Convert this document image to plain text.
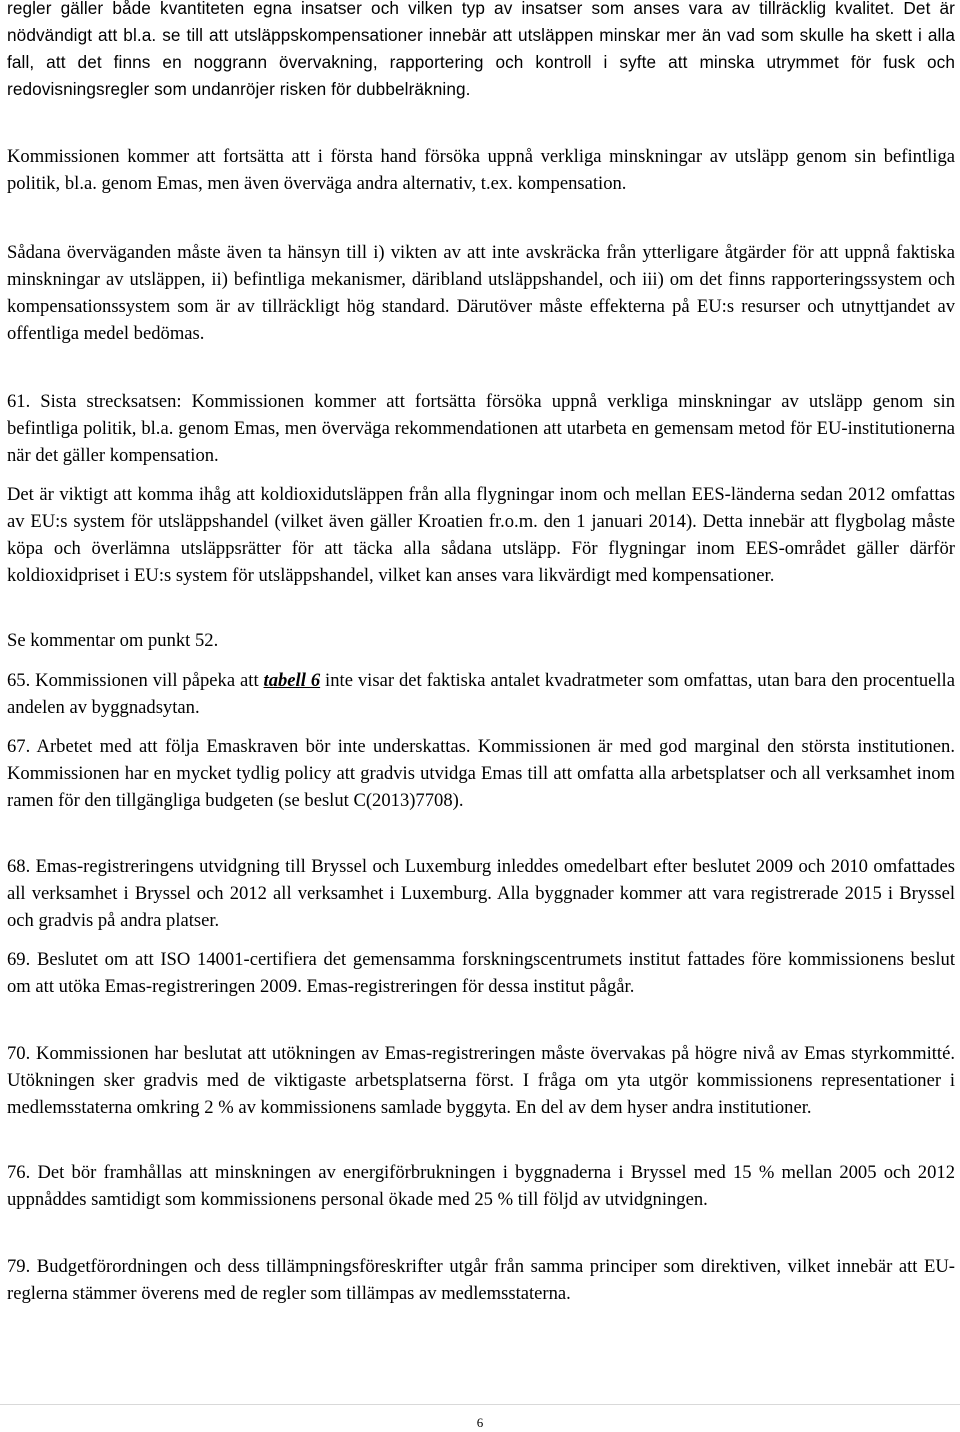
regler gäller både kvantiteten egna insatser och vilken typ av insatser som anses vara av tillräcklig kvalitet. Det är nödvändigt att bl.a. se till att utsläppskompensationer innebär att utsläppen minskar mer än vad som skulle ha skett i alla fall, att det finns en noggrann övervakning, rapportering och kontroll i syfte att minska utrymmet för fusk och redovisningsregler som undanröjer risken för dubbelräkning.

Kommissionen kommer att fortsätta att i första hand försöka uppnå verkliga minskningar av utsläpp genom sin befintliga politik, bl.a. genom Emas, men även överväga andra alternativ, t.ex. kompensation.

Sådana överväganden måste även ta hänsyn till i) vikten av att inte avskräcka från ytterligare åtgärder för att uppnå faktiska minskningar av utsläppen, ii) befintliga mekanismer, däribland utsläppshandel, och iii) om det finns rapporteringssystem och kompensationssystem som är av tillräckligt hög standard. Därutöver måste effekterna på EU:s resurser och utnyttjandet av offentliga medel bedömas.

61. Sista strecksatsen: Kommissionen kommer att fortsätta försöka uppnå verkliga minskningar av utsläpp genom sin befintliga politik, bl.a. genom Emas, men överväga rekommendationen att utarbeta en gemensam metod för EU-institutionerna när det gäller kompensation.

Det är viktigt att komma ihåg att koldioxidutsläppen från alla flygningar inom och mellan EES-länderna sedan 2012 omfattas av EU:s system för utsläppshandel (vilket även gäller Kroatien fr.o.m. den 1 januari 2014). Detta innebär att flygbolag måste köpa och överlämna utsläppsrätter för att täcka alla sådana utsläpp. För flygningar inom EES-området gäller därför koldioxidpriset i EU:s system för utsläppshandel, vilket kan anses vara likvärdigt med kompensationer.

Se kommentar om punkt 52.

65. Kommissionen vill påpeka att tabell 6 inte visar det faktiska antalet kvadratmeter som omfattas, utan bara den procentuella andelen av byggnadsytan.

67. Arbetet med att följa Emaskraven bör inte underskattas. Kommissionen är med god marginal den största institutionen. Kommissionen har en mycket tydlig policy att gradvis utvidga Emas till att omfatta alla arbetsplatser och all verksamhet inom ramen för den tillgängliga budgeten (se beslut C(2013)7708).

68. Emas-registreringens utvidgning till Bryssel och Luxemburg inleddes omedelbart efter beslutet 2009 och 2010 omfattades all verksamhet i Bryssel och 2012 all verksamhet i Luxemburg. Alla byggnader kommer att vara registrerade 2015 i Bryssel och gradvis på andra platser.

69. Beslutet om att ISO 14001-certifiera det gemensamma forskningscentrumets institut fattades före kommissionens beslut om att utöka Emas-registreringen 2009. Emas-registreringen för dessa institut pågår.

70. Kommissionen har beslutat att utökningen av Emas-registreringen måste övervakas på högre nivå av Emas styrkommitté. Utökningen sker gradvis med de viktigaste arbetsplatserna först. I fråga om yta utgör kommissionens representationer i medlemsstaterna omkring 2 % av kommissionens samlade byggyta. En del av dem hyser andra institutioner.

76. Det bör framhållas att minskningen av energiförbrukningen i byggnaderna i Bryssel med 15 % mellan 2005 och 2012 uppnåddes samtidigt som kommissionens personal ökade med 25 % till följd av utvidgningen.

79. Budgetförordningen och dess tillämpningsföreskrifter utgår från samma principer som direktiven, vilket innebär att EU-reglerna stämmer överens med de regler som tillämpas av medlemsstaterna.

6
